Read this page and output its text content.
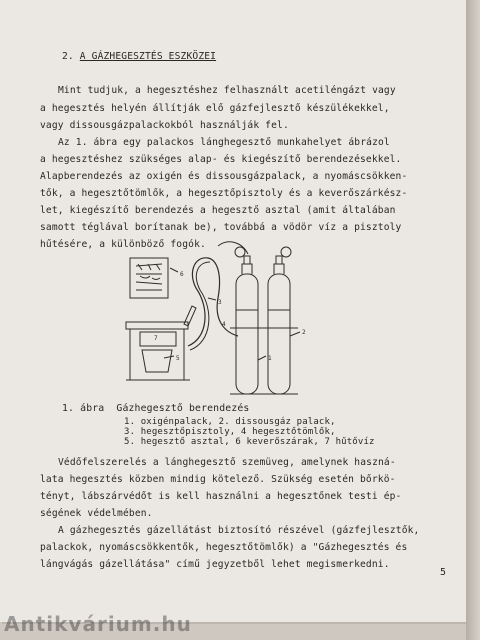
2. A GÁZHEGESZTÉS ESZKÖZEI
Mint tudjuk, a hegesztéshez felhasznált acetiléngázt vagy
a hegesztés helyén állítják elő gázfejlesztő készülékekkel,
vagy dissousgázpalackokból használják fel.
Az 1. ábra egy palackos lánghegesztő munkahelyet ábrázol
a hegesztéshez szükséges alap- és kiegészítő berendezésekkel.
Alapberendezés az oxigén és dissousgázpalack, a nyomáscsökken-
tők, a hegesztőtömlők, a hegesztőpisztoly és a keverőszárkész-
let, kiegészítő berendezés a hegesztő asztal (amit általában
samott téglával borítanak be), továbbá a vödör víz a pisztoly
hűtésére, a különböző fogók.
1
2
3
4
5
6
7
1. ábra Gázhegesztő berendezés
1. oxigénpalack, 2. dissousgáz palack,
3. hegesztőpisztoly, 4 hegesztőtömlők,
5. hegesztő asztal, 6 keverőszárak, 7 hűtővíz
Védőfelszerelés a lánghegesztő szemüveg, amelynek haszná-
lata hegesztés közben mindig kötelező. Szükség esetén bőrkö-
tényt, lábszárvédőt is kell használni a hegesztőnek testi ép-
ségének védelmében.
A gázhegesztés gázellátást biztosító részével (gázfejlesztők,
palackok, nyomáscsökkentők, hegesztőtömlők) a "Gázhegesztés és
lángvágás gázellátása" című jegyzetből lehet megismerkedni.
5
Antikvárium.hu
